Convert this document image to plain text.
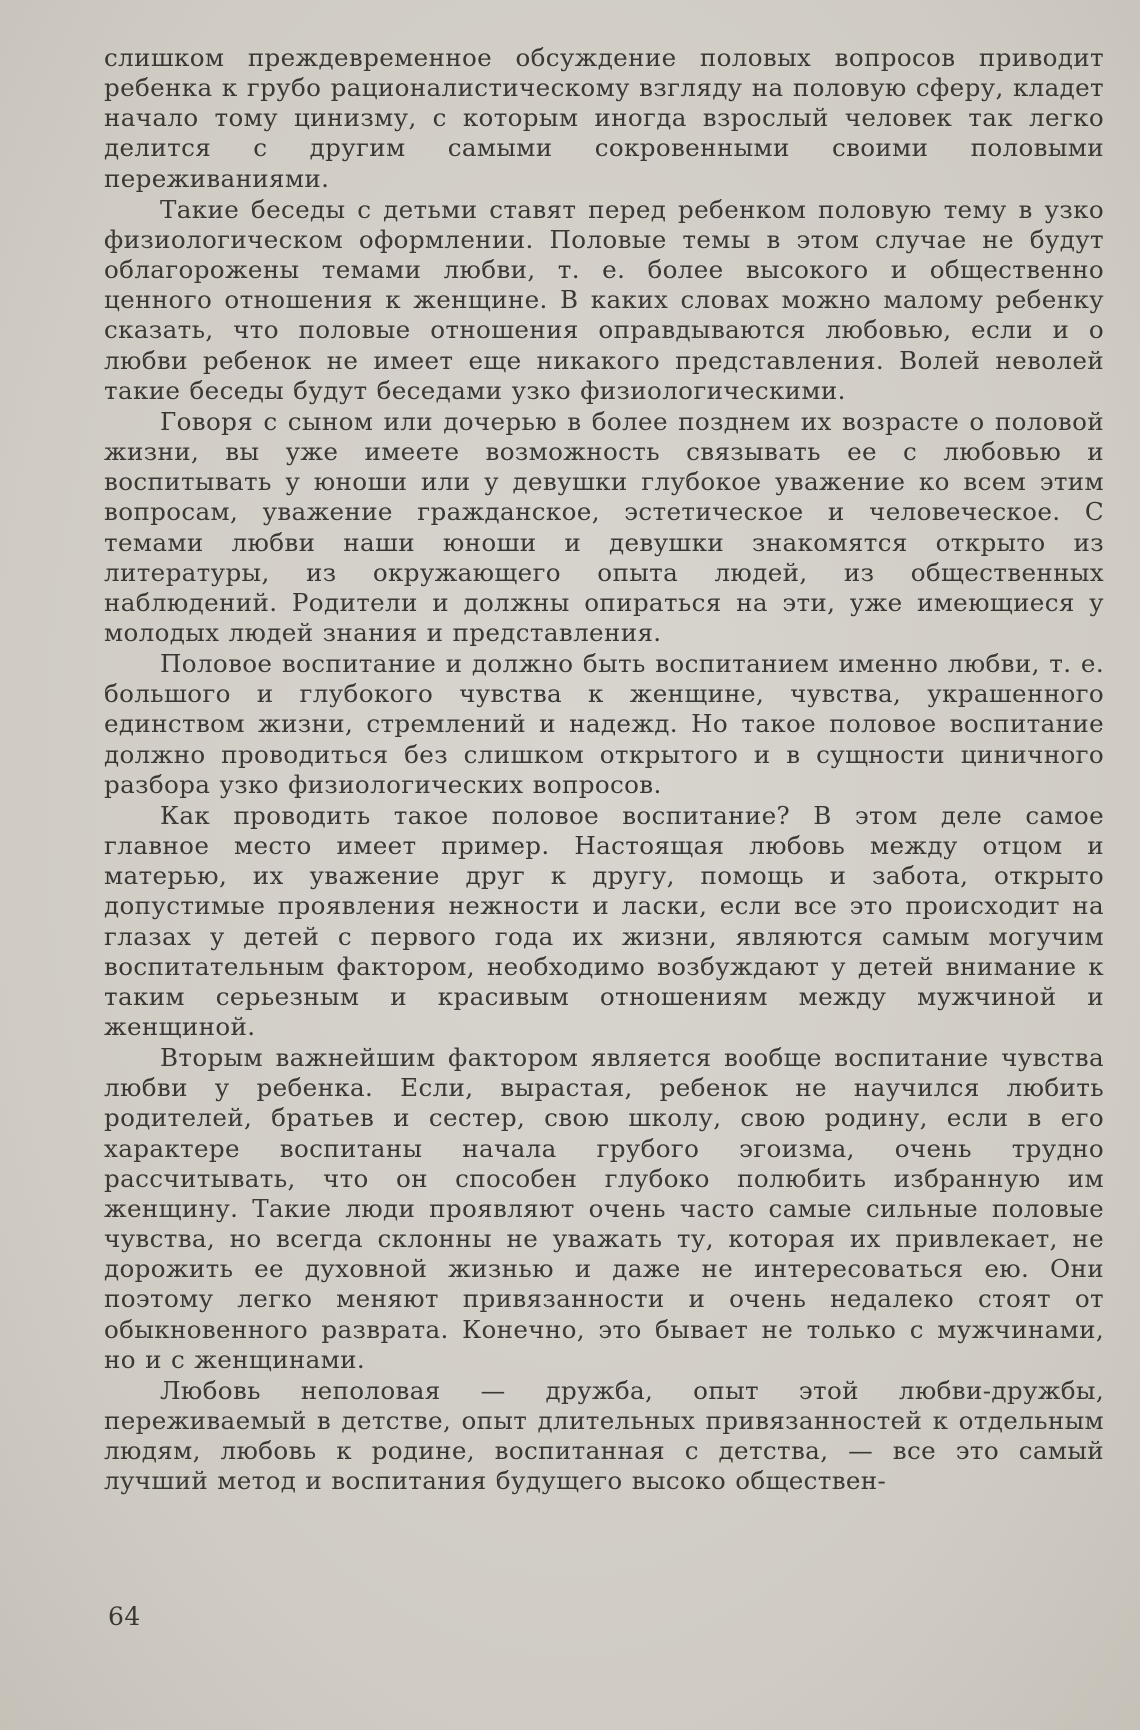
слишком преждевременное обсуждение половых вопросов приводит ребенка к грубо рационалистическому взгляду на половую сферу, кладет начало тому цинизму, с которым иногда взрослый человек так легко делится с другим самыми сокровенными своими половыми переживаниями.

Такие беседы с детьми ставят перед ребенком половую тему в узко физиологическом оформлении. Половые темы в этом случае не будут облагорожены темами любви, т. е. более высокого и общественно ценного отношения к женщине. В каких словах можно малому ребенку сказать, что половые отношения оправдываются любовью, если и о любви ребенок не имеет еще никакого представления. Волей неволей такие беседы будут беседами узко физиологическими.

Говоря с сыном или дочерью в более позднем их возрасте о половой жизни, вы уже имеете возможность связывать ее с любовью и воспитывать у юноши или у девушки глубокое уважение ко всем этим вопросам, уважение гражданское, эстетическое и человеческое. С темами любви наши юноши и девушки знакомятся открыто из литературы, из окружающего опыта людей, из общественных наблюдений. Родители и должны опираться на эти, уже имеющиеся у молодых людей знания и представления.

Половое воспитание и должно быть воспитанием именно любви, т. е. большого и глубокого чувства к женщине, чувства, украшенного единством жизни, стремлений и надежд. Но такое половое воспитание должно проводиться без слишком открытого и в сущности циничного разбора узко физиологических вопросов.

Как проводить такое половое воспитание? В этом деле самое главное место имеет пример. Настоящая любовь между отцом и матерью, их уважение друг к другу, помощь и забота, открыто допустимые проявления нежности и ласки, если все это происходит на глазах у детей с первого года их жизни, являются самым могучим воспитательным фактором, необходимо возбуждают у детей внимание к таким серьезным и красивым отношениям между мужчиной и женщиной.

Вторым важнейшим фактором является вообще воспитание чувства любви у ребенка. Если, вырастая, ребенок не научился любить родителей, братьев и сестер, свою школу, свою родину, если в его характере воспитаны начала грубого эгоизма, очень трудно рассчитывать, что он способен глубоко полюбить избранную им женщину. Такие люди проявляют очень часто самые сильные половые чувства, но всегда склонны не уважать ту, которая их привлекает, не дорожить ее духовной жизнью и даже не интересоваться ею. Они поэтому легко меняют привязанности и очень недалеко стоят от обыкновенного разврата. Конечно, это бывает не только с мужчинами, но и с женщинами.

Любовь неполовая — дружба, опыт этой любви-дружбы, переживаемый в детстве, опыт длительных привязанностей к отдельным людям, любовь к родине, воспитанная с детства, — все это самый лучший метод и воспитания будущего высоко обществен-

64
